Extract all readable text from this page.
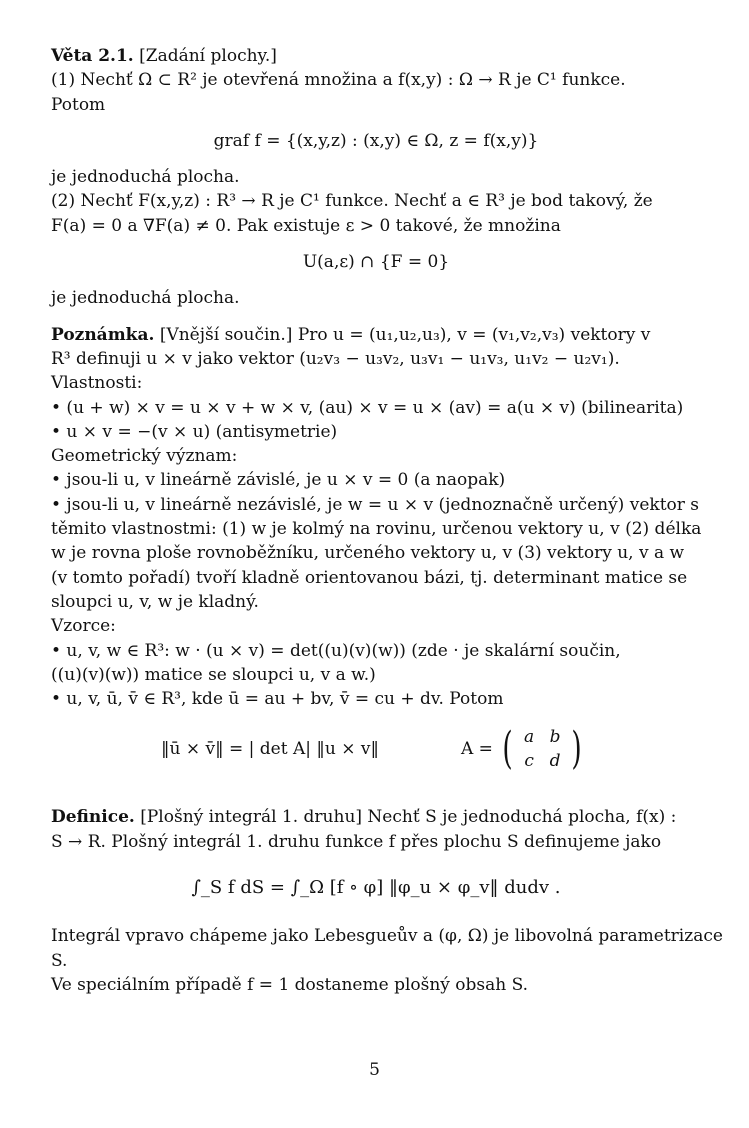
Věta 2.1. [Zadání plochy.]
(1) Nechť Ω ⊂ R² je otevřená množina a f(x,y) : Ω → R je C¹ funkce.
Potom
graf f = {(x,y,z) : (x,y) ∈ Ω, z = f(x,y)}
je jednoduchá plocha.
(2) Nechť F(x,y,z) : R³ → R je C¹ funkce. Nechť a ∈ R³ je bod takový, že
F(a) = 0 a ∇F(a) ≠ 0. Pak existuje ε > 0 takové, že množina
U(a,ε) ∩ {F = 0}
je jednoduchá plocha.
Poznámka. [Vnější součin.] Pro u = (u₁,u₂,u₃), v = (v₁,v₂,v₃) vektory v
R³ definuji u × v jako vektor (u₂v₃ − u₃v₂, u₃v₁ − u₁v₃, u₁v₂ − u₂v₁).
Vlastnosti:
• (u + w) × v = u × v + w × v, (au) × v = u × (av) = a(u × v) (bilinearita)
• u × v = −(v × u) (antisymetrie)
Geometrický význam:
• jsou-li u, v lineárně závislé, je u × v = 0 (a naopak)
• jsou-li u, v lineárně nezávislé, je w = u × v (jednoznačně určený) vektor s
těmito vlastnostmi: (1) w je kolmý na rovinu, určenou vektory u, v (2) délka
w je rovna ploše rovnoběžníku, určeného vektory u, v (3) vektory u, v a w
(v tomto pořadí) tvoří kladně orientovanou bázi, tj. determinant matice se
sloupci u, v, w je kladný.
Vzorce:
• u, v, w ∈ R³: w · (u × v) = det((u)(v)(w)) (zde · je skalární součin,
((u)(v)(w)) matice se sloupci u, v a w.)
• u, v, ū, v̄ ∈ R³, kde ū = au + bv, v̄ = cu + dv. Potom
‖ū × v̄‖ = | det A| ‖u × v‖	A = ( a b
c d )
Definice. [Plošný integrál 1. druhu] Nechť S je jednoduchá plocha, f(x) :
S → R. Plošný integrál 1. druhu funkce f přes plochu S definujeme jako
∫_S f dS = ∫_Ω [f ∘ φ] ‖φ_u × φ_v‖ dudv .
Integrál vpravo chápeme jako Lebesgueův a (φ, Ω) je libovolná parametrizace
S.
Ve speciálním případě f = 1 dostaneme plošný obsah S.
5
